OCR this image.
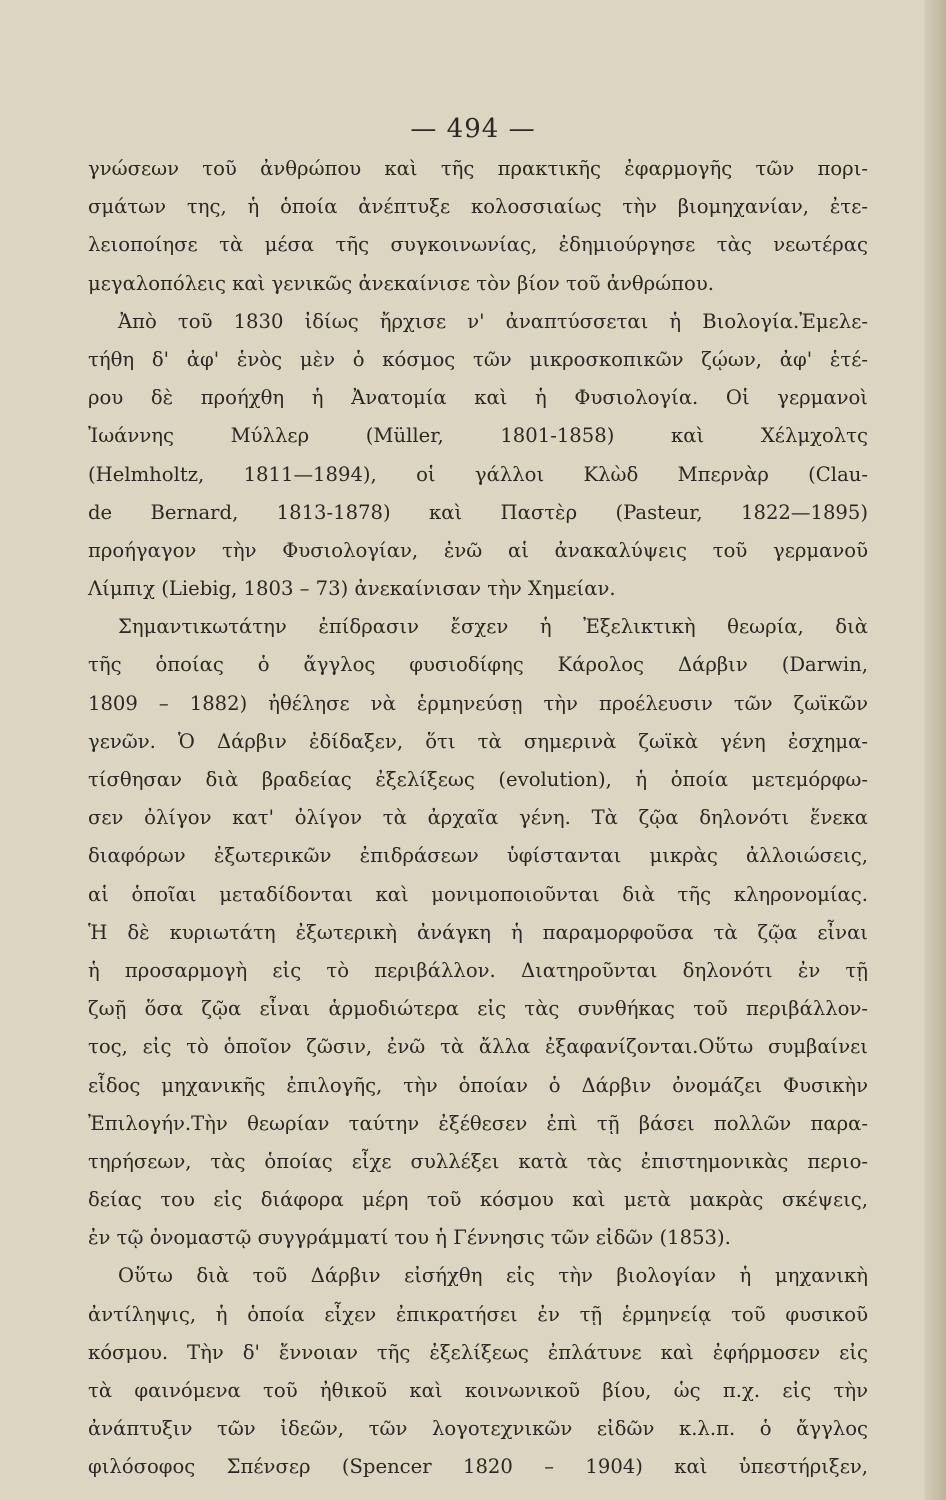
— 494 —
γνώσεων τοῦ ἀνθρώπου καὶ τῆς πρακτικῆς ἐφαρμογῆς τῶν πορι-
σμάτων της, ἡ ὁποία ἀνέπτυξε κολοσσιαίως τὴν βιομηχανίαν, ἐτε-
λειοποίησε τὰ μέσα τῆς συγκοινωνίας, ἐδημιούργησε τὰς νεωτέρας
μεγαλοπόλεις καὶ γενικῶς ἀνεκαίνισε τὸν βίον τοῦ ἀνθρώπου.
Ἀπὸ τοῦ 1830 ἰδίως ἤρχισε ν' ἀναπτύσσεται ἡ Βιολογία.Ἐμελε-
τήθη δ' ἀφ' ἑνὸς μὲν ὁ κόσμος τῶν μικροσκοπικῶν ζῴων, ἀφ' ἑτέ-
ρου δὲ προήχθη ἡ Ἀνατομία καὶ ἡ Φυσιολογία. Οἱ γερμανοὶ
Ἰωάννης Μύλλερ (Müller, 1801-1858) καὶ Χέλμχολτς
(Helmholtz, 1811—1894), οἱ γάλλοι Κλὼδ Μπερνὰρ (Clau-
de Bernard, 1813-1878) καὶ Παστὲρ (Pasteur, 1822—1895)
προήγαγον τὴν Φυσιολογίαν, ἐνῶ αἱ ἀνακαλύψεις τοῦ γερμανοῦ
Λίμπιχ (Liebig, 1803 – 73) ἀνεκαίνισαν τὴν Χημείαν.
Σημαντικωτάτην ἐπίδρασιν ἔσχεν ἡ Ἐξελικτικὴ θεωρία, διὰ
τῆς ὁποίας ὁ ἄγγλος φυσιοδίφης Κάρολος Δάρβιν (Darwin,
1809 – 1882) ἠθέλησε νὰ ἑρμηνεύσῃ τὴν προέλευσιν τῶν ζωϊκῶν
γενῶν. Ὁ Δάρβιν ἐδίδαξεν, ὅτι τὰ σημερινὰ ζωϊκὰ γένη ἐσχημα-
τίσθησαν διὰ βραδείας ἐξελίξεως (evolution), ἡ ὁποία μετεμόρφω-
σεν ὀλίγον κατ' ὀλίγον τὰ ἀρχαῖα γένη. Τὰ ζῷα δηλονότι ἕνεκα
διαφόρων ἐξωτερικῶν ἐπιδράσεων ὑφίστανται μικρὰς ἀλλοιώσεις,
αἱ ὁποῖαι μεταδίδονται καὶ μονιμοποιοῦνται διὰ τῆς κληρονομίας.
Ἡ δὲ κυριωτάτη ἐξωτερικὴ ἀνάγκη ἡ παραμορφοῦσα τὰ ζῷα εἶναι
ἡ προσαρμογὴ εἰς τὸ περιβάλλον. Διατηροῦνται δηλονότι ἐν τῇ
ζωῇ ὅσα ζῷα εἶναι ἁρμοδιώτερα εἰς τὰς συνθήκας τοῦ περιβάλλον-
τος, εἰς τὸ ὁποῖον ζῶσιν, ἐνῶ τὰ ἄλλα ἐξαφανίζονται.Οὕτω συμβαίνει
εἶδος μηχανικῆς ἐπιλογῆς, τὴν ὁποίαν ὁ Δάρβιν ὀνομάζει Φυσικὴν
Ἐπιλογήν.Τὴν θεωρίαν ταύτην ἐξέθεσεν ἐπὶ τῇ βάσει πολλῶν παρα-
τηρήσεων, τὰς ὁποίας εἶχε συλλέξει κατὰ τὰς ἐπιστημονικὰς περιο-
δείας του εἰς διάφορα μέρη τοῦ κόσμου καὶ μετὰ μακρὰς σκέψεις,
ἐν τῷ ὀνομαστῷ συγγράμματί του ἡ Γέννησις τῶν εἰδῶν (1853).
Οὕτω διὰ τοῦ Δάρβιν εἰσήχθη εἰς τὴν βιολογίαν ἡ μηχανικὴ
ἀντίληψις, ἡ ὁποία εἶχεν ἐπικρατήσει ἐν τῇ ἑρμηνείᾳ τοῦ φυσικοῦ
κόσμου. Τὴν δ' ἔννοιαν τῆς ἐξελίξεως ἐπλάτυνε καὶ ἐφήρμοσεν εἰς
τὰ φαινόμενα τοῦ ἠθικοῦ καὶ κοινωνικοῦ βίου, ὡς π.χ. εἰς τὴν
ἀνάπτυξιν τῶν ἰδεῶν, τῶν λογοτεχνικῶν εἰδῶν κ.λ.π. ὁ ἄγγλος
φιλόσοφος Σπένσερ (Spencer 1820 – 1904) καὶ ὑπεστήριξεν,
